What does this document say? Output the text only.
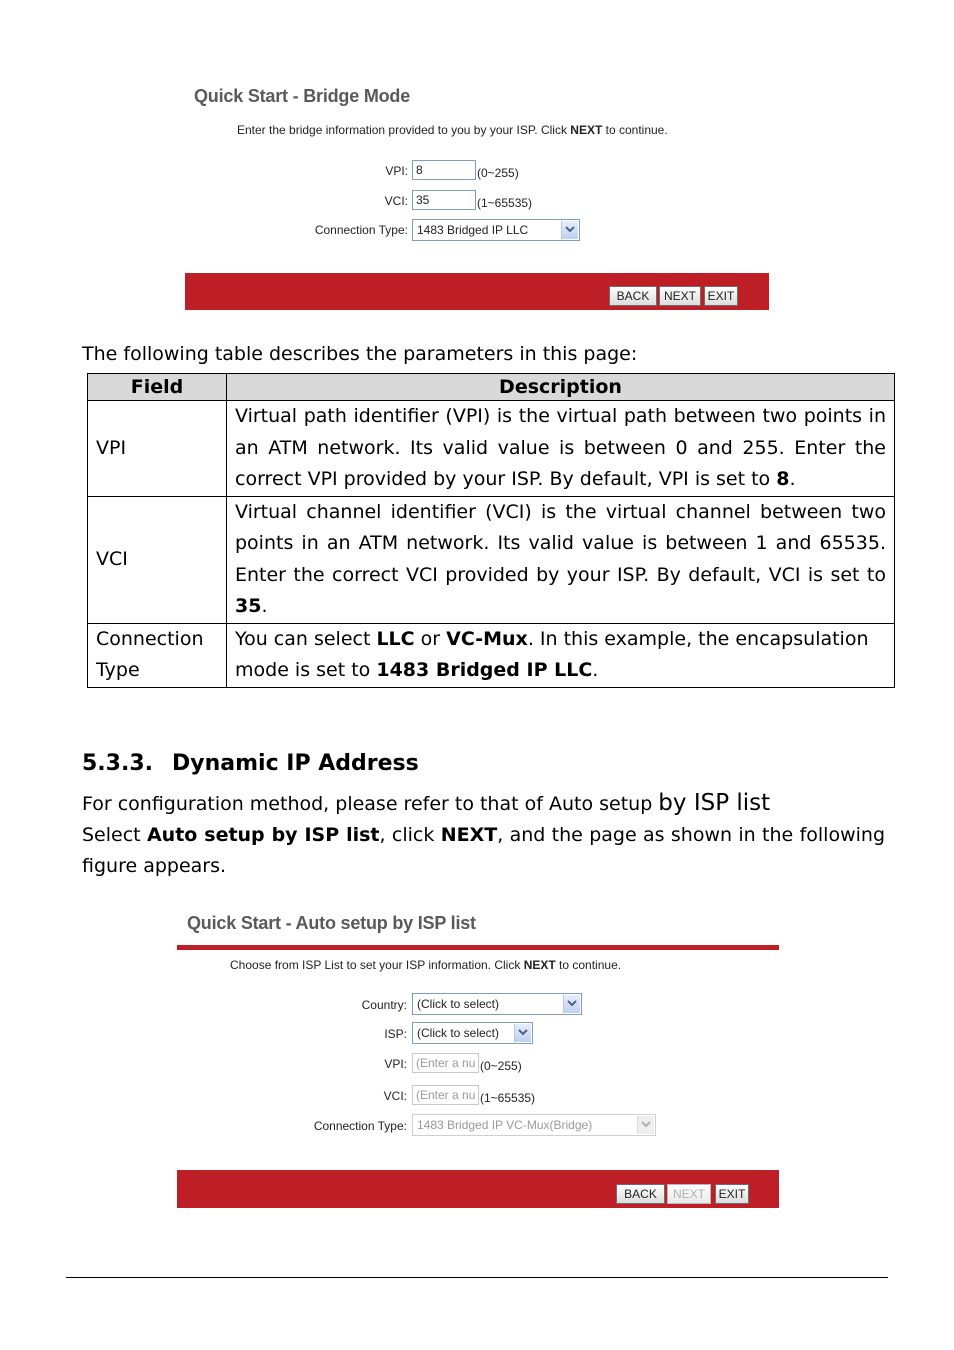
Quick Start - Bridge Mode
Enter the bridge information provided to you by your ISP. Click NEXT to continue.
VPI: 8	(0~255)
VCI: 35	(1~65535)
Connection Type: 1483 Bridged IP LLC
BACK	NEXT EXIT
The following table describes the parameters in this page:
Field	Description
VPI	Virtual path identifier (VPI) is the virtual path between two points in an ATM network. Its valid value is between 0 and 255. Enter the correct VPI provided by your ISP. By default, VPI is set to 8.
VCI	Virtual channel identifier (VCI) is the virtual channel between two points in an ATM network. Its valid value is between 1 and 65535. Enter the correct VCI provided by your ISP. By default, VCI is set to 35.
Connection Type	You can select LLC or VC-Mux. In this example, the encapsulation mode is set to 1483 Bridged IP LLC.
5.3.3. Dynamic IP Address
For configuration method, please refer to that of Auto setup by ISP list
Select Auto setup by ISP list, click NEXT, and the page as shown in the following figure appears.
Quick Start - Auto setup by ISP list
Choose from ISP List to set your ISP information. Click NEXT to continue.
Country: (Click to select)
ISP: (Click to select)
VPI: (Enter a nu (0~255)
VCI: (Enter a nu (1~65535)
Connection Type: 1483 Bridged IP VC-Mux(Bridge)
BACK	NEXT	EXIT
